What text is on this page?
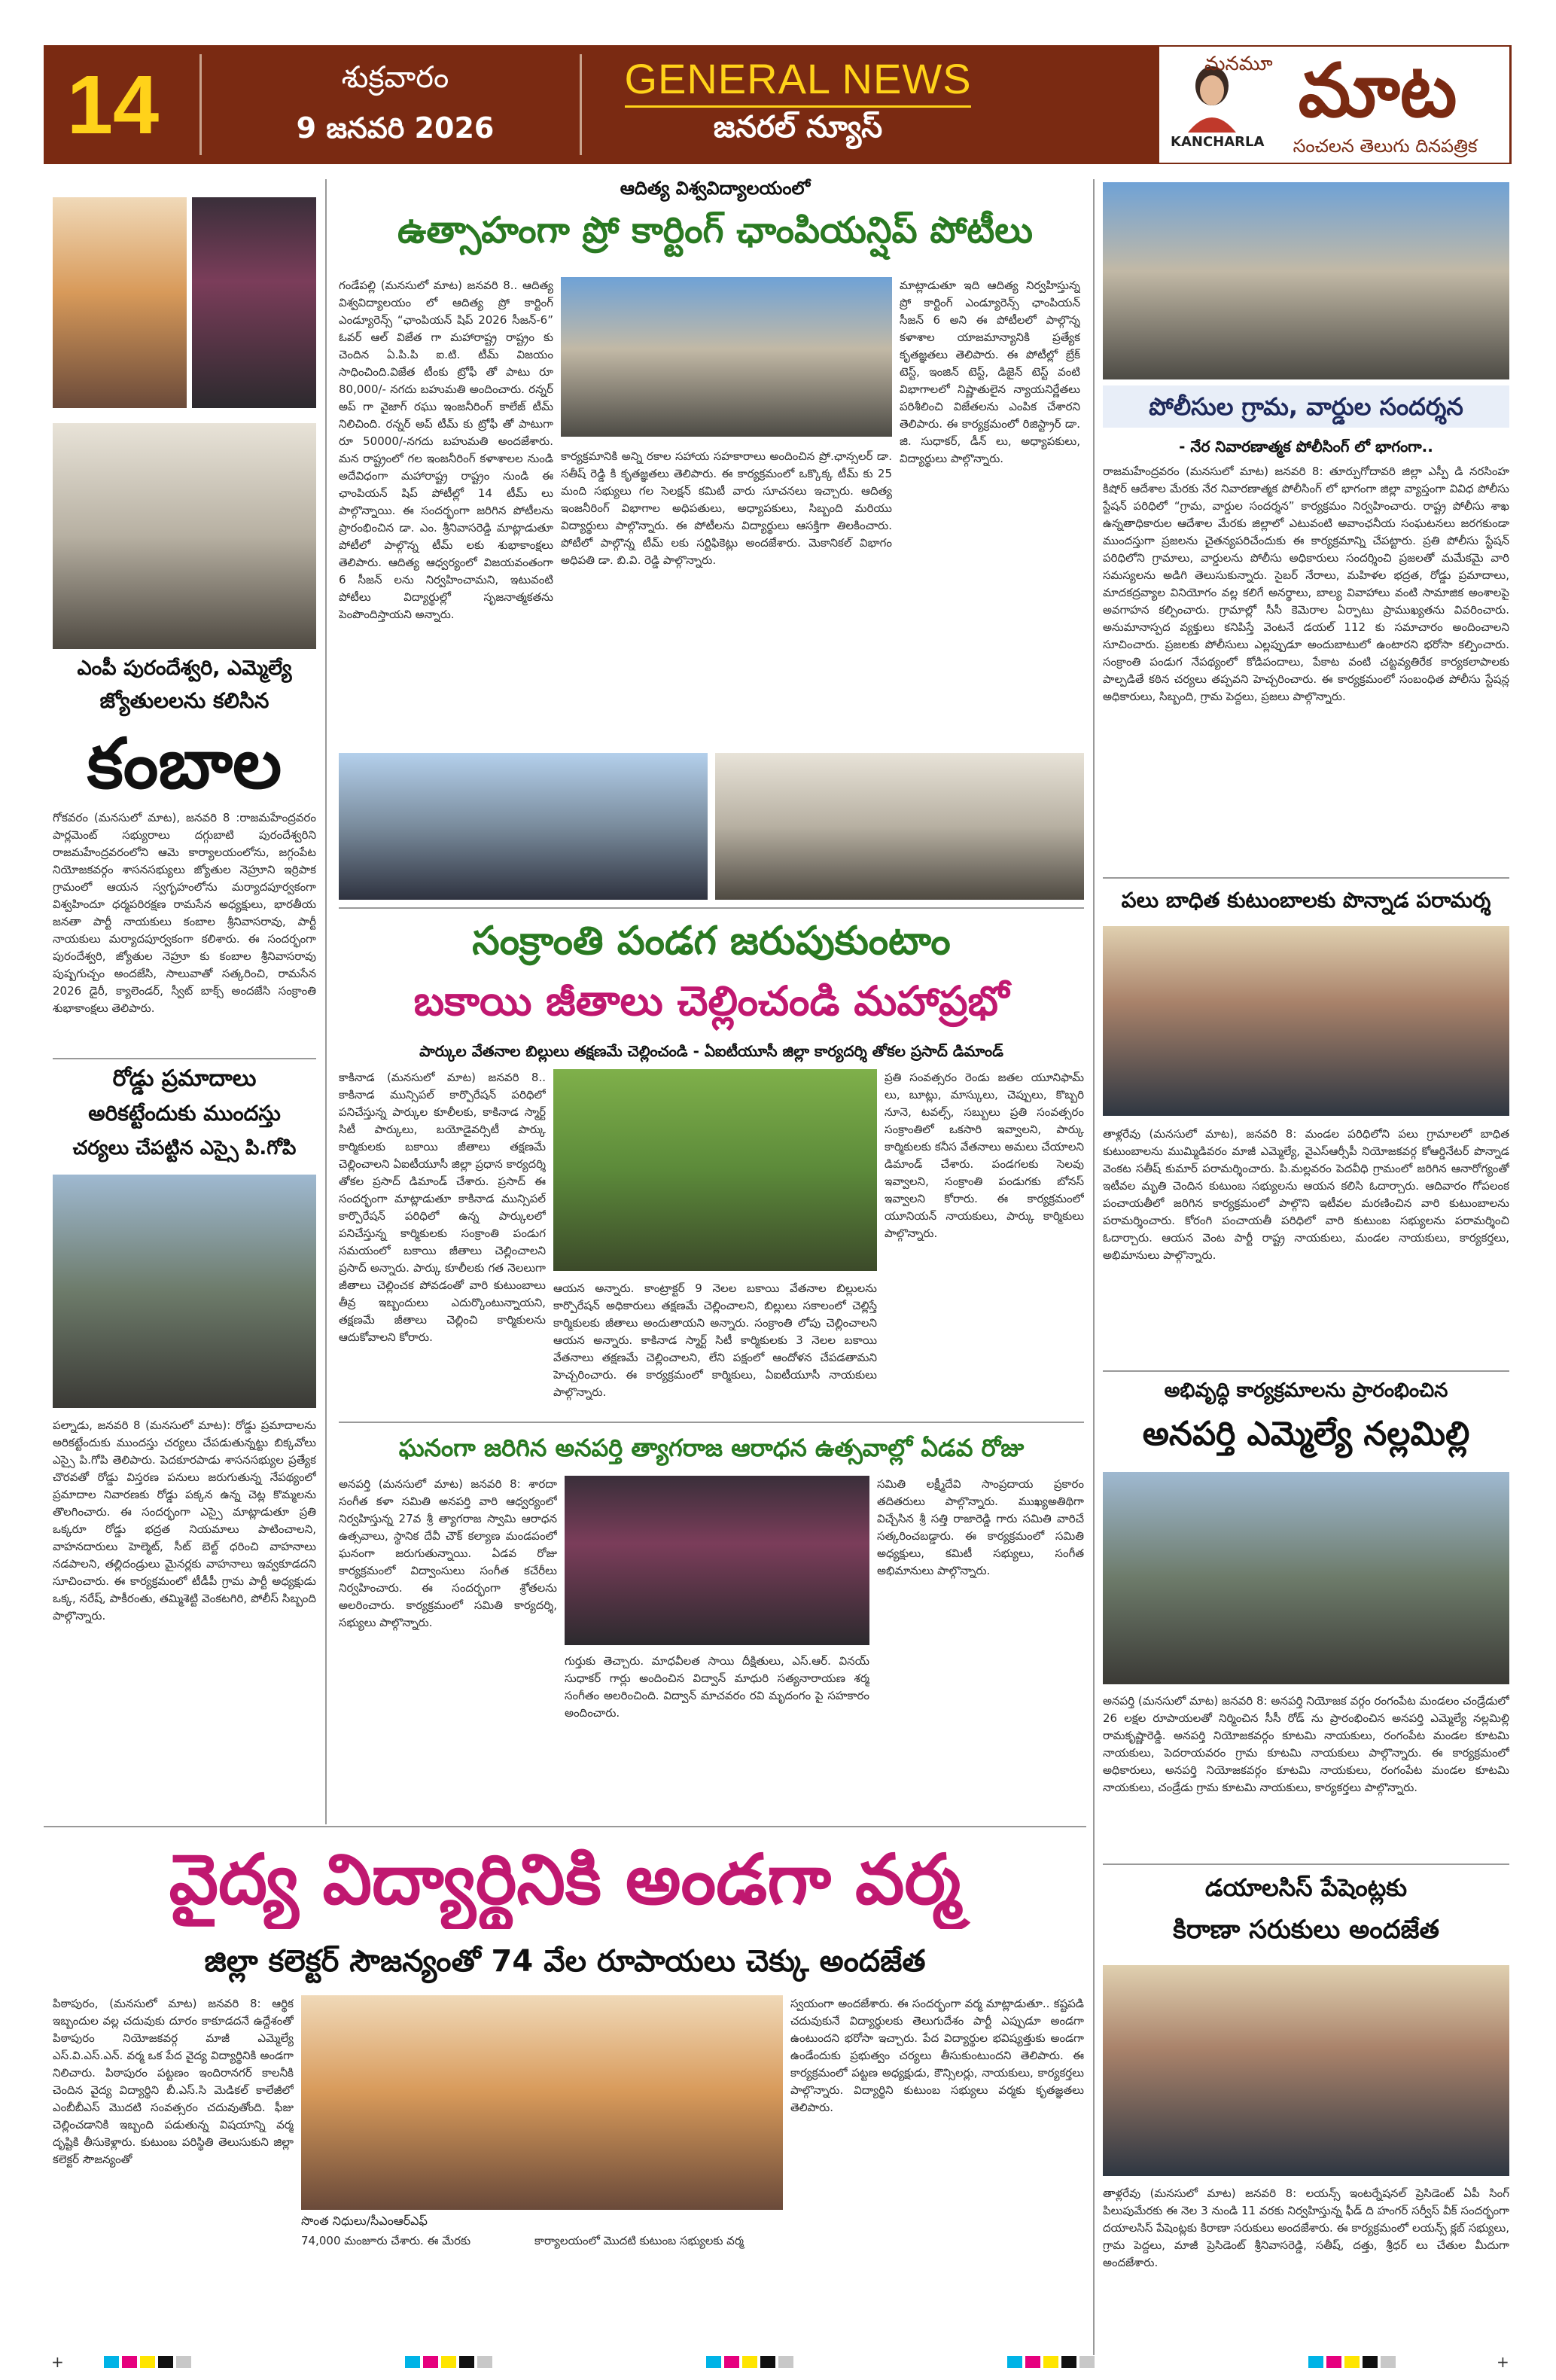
14	శుక్రవారం
9 జనవరి 2026
GENERAL NEWS
జనరల్ న్యూస్
మనమూ మాట
KANCHARLA	సంచలన తెలుగు దినపత్రిక
ఎంపీ పురందేశ్వరి, ఎమ్మెల్యే
జ్యోతులలను కలిసిన
కంబాల
గోకవరం (మనసులో మాట), జనవరి 8 :రాజమహేంద్రవరం పార్లమెంట్ సభ్యురాలు దగ్గుబాటి పురందేశ్వరిని రాజమహేంద్రవరంలోని ఆమె కార్యాలయంలోను, జగ్గంపేట నియోజకవర్గం శాసనసభ్యులు జ్యోతుల నెహ్రూని ఇర్రిపాక గ్రామంలో ఆయన స్వగృహంలోను మర్యాదపూర్వకంగా విశ్వహిందూ ధర్మపరిరక్షణ రామసేన అధ్యక్షులు, భారతీయ జనతా పార్టీ నాయకులు కంబాల శ్రీనివాసరావు, పార్టీ నాయకులు మర్యాదపూర్వకంగా కలిశారు. ఈ సందర్భంగా పురందేశ్వరి, జ్యోతుల నెహ్రూ కు కంబాల శ్రీనివాసరావు పుష్పగుచ్చం అందజేసి, సాలువాతో సత్కరించి, రామసేన 2026 డైరీ, క్యాలెండర్, స్వీట్ బాక్స్ అందజేసి సంక్రాంతి శుభాకాంక్షలు తెలిపారు.
రోడ్డు ప్రమాదాలు
అరికట్టేందుకు ముందస్తు
చర్యలు చేపట్టిన ఎస్సై పి.గోపి
పల్నాడు, జనవరి 8 (మనసులో మాట): రోడ్డు ప్రమాదాలను అరికట్టేందుకు ముందస్తు చర్యలు చేపడుతున్నట్టు బిక్కవోలు ఎస్సై పి.గోపి తెలిపారు. పెదకూరపాడు శాసనసభ్యుల ప్రత్యేక చొరవతో రోడ్డు విస్తరణ పనులు జరుగుతున్న నేపథ్యంలో ప్రమాదాల నివారణకు రోడ్డు పక్కన ఉన్న చెట్ల కొమ్మలను తొలగించారు. ఈ సందర్భంగా ఎస్సై మాట్లాడుతూ ప్రతి ఒక్కరూ రోడ్డు భద్రత నియమాలు పాటించాలని, వాహనదారులు హెల్మెట్, సీట్ బెల్ట్ ధరించి వాహనాలు నడపాలని, తల్లిదండ్రులు మైనర్లకు వాహనాలు ఇవ్వకూడదని సూచించారు. ఈ కార్యక్రమంలో టీడీపీ గ్రామ పార్టీ అధ్యక్షుడు ఒక్క, నరేష్, పాకీరంతు, తమ్మిశెట్టి వెంకటగిరి, పోలీస్ సిబ్బంది పాల్గొన్నారు.
ఆదిత్య విశ్వవిద్యాలయంలో
ఉత్సాహంగా ప్రో కార్టింగ్ ఛాంపియన్షిప్ పోటీలు
గండేపల్లి (మనసులో మాట) జనవరి 8.. ఆదిత్య విశ్వవిద్యాలయం లో ఆదిత్య ప్రో కార్టింగ్ ఎండ్యూరెన్స్ “ఛాంపియన్ షిప్ 2026 సీజన్-6” ఓవర్ ఆల్ విజేత గా మహారాష్ట్ర రాష్ట్రం కు చెందిన ఏ.పి.పి ఐ.టి. టీమ్ విజయం సాధించింది.విజేత టీంకు ట్రోఫీ తో పాటు రూ 80,000/- నగదు బహుమతి అందించారు. రన్నర్ అప్ గా వైజాగ్ రఘు ఇంజనీరింగ్ కాలేజ్ టీమ్ నిలిచింది. రన్నర్ అప్ టీమ్ కు ట్రోఫీ తో పాటుగా రూ 50000/-నగదు బహుమతి అందజేశారు. మన రాష్ట్రంలో గల ఇంజనీరింగ్ కళాశాలల నుండి అదేవిధంగా మహారాష్ట్ర రాష్ట్రం నుండి ఈ ఛాంపియన్ షిప్ పోటీల్లో 14 టీమ్ లు పాల్గొన్నాయి. ఈ సందర్భంగా జరిగిన పోటీలను ప్రారంభించిన డా. ఎం. శ్రీనివాసరెడ్డి మాట్లాడుతూ పోటీలో పాల్గొన్న టీమ్ లకు శుభాకాంక్షలు తెలిపారు. ఆదిత్య ఆధ్వర్యంలో విజయవంతంగా 6 సీజన్ లను నిర్వహించామని, ఇటువంటి పోటీలు విద్యార్థుల్లో సృజనాత్మకతను పెంపొందిస్తాయని అన్నారు.
కార్యక్రమానికి అన్ని రకాల సహాయ సహకారాలు అందించిన ప్రో.ఛాన్సలర్ డా. సతీష్ రెడ్డి కి కృతజ్ఞతలు తెలిపారు. ఈ కార్యక్రమంలో ఒక్కొక్క టీమ్ కు 25 మంది సభ్యులు గల సెలక్షన్ కమిటీ వారు సూచనలు ఇచ్చారు. ఆదిత్య ఇంజనీరింగ్ విభాగాల అధిపతులు, అధ్యాపకులు, సిబ్బంది మరియు విద్యార్థులు పాల్గొన్నారు. ఈ పోటీలను విద్యార్థులు ఆసక్తిగా తిలకించారు. పోటీలో పాల్గొన్న టీమ్ లకు సర్టిఫికెట్లు అందజేశారు. మెకానికల్ విభాగం అధిపతి డా. బి.వి. రెడ్డి పాల్గొన్నారు.
మాట్లాడుతూ ఇది ఆదిత్య నిర్వహిస్తున్న ప్రో కార్టింగ్ ఎండ్యూరెన్స్ ఛాంపియన్ సీజన్ 6 అని ఈ పోటీలలో పాల్గొన్న కళాశాల యాజమాన్యానికి ప్రత్యేక కృతజ్ఞతలు తెలిపారు. ఈ పోటీల్లో బ్రేక్ టెస్ట్, ఇంజిన్ టెస్ట్, డిజైన్ టెస్ట్ వంటి విభాగాలలో నిష్ణాతులైన న్యాయనిర్ణేతలు పరిశీలించి విజేతలను ఎంపిక చేశారని తెలిపారు. ఈ కార్యక్రమంలో రిజిస్ట్రార్ డా. జి. సుధాకర్, డీన్ లు, అధ్యాపకులు, విద్యార్థులు పాల్గొన్నారు.
సంక్రాంతి పండగ జరుపుకుంటాం
బకాయి జీతాలు చెల్లించండి మహాప్రభో
పార్కుల వేతనాల బిల్లులు తక్షణమే చెల్లించండి - ఏఐటీయూసీ జిల్లా కార్యదర్శి తోకల ప్రసాద్ డిమాండ్
కాకినాడ (మనసులో మాట) జనవరి 8.. కాకినాడ మున్సిపల్ కార్పొరేషన్ పరిధిలో పనిచేస్తున్న పార్కుల కూలీలకు, కాకినాడ స్మార్ట్ సిటీ పార్కులు, బయోడైవర్సిటీ పార్కు కార్మికులకు బకాయి జీతాలు తక్షణమే చెల్లించాలని ఏఐటీయూసీ జిల్లా ప్రధాన కార్యదర్శి తోకల ప్రసాద్ డిమాండ్ చేశారు. ప్రసాద్ ఈ సందర్భంగా మాట్లాడుతూ కాకినాడ మున్సిపల్ కార్పొరేషన్ పరిధిలో ఉన్న పార్కులలో పనిచేస్తున్న కార్మికులకు సంక్రాంతి పండుగ సమయంలో బకాయి జీతాలు చెల్లించాలని ప్రసాద్ అన్నారు. పార్కు కూలీలకు గత నెలలుగా జీతాలు చెల్లించక పోవడంతో వారి కుటుంబాలు తీవ్ర ఇబ్బందులు ఎదుర్కొంటున్నాయని, తక్షణమే జీతాలు చెల్లించి కార్మికులను ఆదుకోవాలని కోరారు.
ఆయన అన్నారు. కాంట్రాక్టర్ 9 నెలల బకాయి వేతనాల బిల్లులను కార్పొరేషన్ అధికారులు తక్షణమే చెల్లించాలని, బిల్లులు సకాలంలో చెల్లిస్తే కార్మికులకు జీతాలు అందుతాయని అన్నారు. సంక్రాంతి లోపు చెల్లించాలని ఆయన అన్నారు. కాకినాడ స్మార్ట్ సిటీ కార్మికులకు 3 నెలల బకాయి వేతనాలు తక్షణమే చెల్లించాలని, లేని పక్షంలో ఆందోళన చేపడతామని హెచ్చరించారు. ఈ కార్యక్రమంలో కార్మికులు, ఏఐటీయూసీ నాయకులు పాల్గొన్నారు.
ప్రతి సంవత్సరం రెండు జతల యూనిఫామ్ లు, బూట్లు, మాస్కులు, చెప్పులు, కొబ్బరి నూనె, టవల్స్, సబ్బులు ప్రతి సంవత్సరం సంక్రాంతిలో ఒకసారి ఇవ్వాలని, పార్కు కార్మికులకు కనీస వేతనాలు అమలు చేయాలని డిమాండ్ చేశారు. పండగలకు సెలవు ఇవ్వాలని, సంక్రాంతి పండుగకు బోనస్ ఇవ్వాలని కోరారు. ఈ కార్యక్రమంలో యూనియన్ నాయకులు, పార్కు కార్మికులు పాల్గొన్నారు.
ఘనంగా జరిగిన అనపర్తి త్యాగరాజ ఆరాధన ఉత్సవాల్లో ఏడవ రోజు
అనపర్తి (మనసులో మాట) జనవరి 8: శారదా సంగీత కళా సమితి అనపర్తి వారి ఆధ్వర్యంలో నిర్వహిస్తున్న 27వ శ్రీ త్యాగరాజ స్వామి ఆరాధన ఉత్సవాలు, స్థానిక దేవీ చౌక్ కల్యాణ మండపంలో ఘనంగా జరుగుతున్నాయి. ఏడవ రోజు కార్యక్రమంలో విద్వాంసులు సంగీత కచేరీలు నిర్వహించారు. ఈ సందర్భంగా శ్రోతలను అలరించారు. కార్యక్రమంలో సమితి కార్యదర్శి, సభ్యులు పాల్గొన్నారు.
గుర్తుకు తెచ్చారు. మాధవీలత సాయి దీక్షితులు, ఎస్.ఆర్. వినయ్ సుధాకర్ గార్లు అందించిన విద్వాన్ మాధురి సత్యనారాయణ శర్మ సంగీతం అలరించింది. విద్వాన్ మాచవరం రవి మృదంగం పై సహకారం అందించారు.
సమితి లక్ష్మీదేవి సాంప్రదాయ ప్రకారం తదితరులు పాల్గొన్నారు. ముఖ్యఅతిథిగా విచ్చేసిన శ్రీ సత్తి రాజారెడ్డి గారు సమితి వారిచే సత్కరించబడ్డారు. ఈ కార్యక్రమంలో సమితి అధ్యక్షులు, కమిటీ సభ్యులు, సంగీత అభిమానులు పాల్గొన్నారు.
పోలీసుల గ్రామ, వార్డుల సందర్శన
- నేర నివారణాత్మక పోలీసింగ్ లో భాగంగా..
రాజమహేంద్రవరం (మనసులో మాట) జనవరి 8: తూర్పుగోదావరి జిల్లా ఎస్పీ డి నరసింహ కిషోర్ ఆదేశాల మేరకు నేర నివారణాత్మక పోలీసింగ్ లో భాగంగా జిల్లా వ్యాప్తంగా వివిధ పోలీసు స్టేషన్ పరిధిలో “గ్రామ, వార్డుల సందర్శన” కార్యక్రమం నిర్వహించారు. రాష్ట్ర పోలీసు శాఖ ఉన్నతాధికారుల ఆదేశాల మేరకు జిల్లాలో ఎటువంటి అవాంఛనీయ సంఘటనలు జరగకుండా ముందస్తుగా ప్రజలను చైతన్యపరిచేందుకు ఈ కార్యక్రమాన్ని చేపట్టారు. ప్రతి పోలీసు స్టేషన్ పరిధిలోని గ్రామాలు, వార్డులను పోలీసు అధికారులు సందర్శించి ప్రజలతో మమేకమై వారి సమస్యలను అడిగి తెలుసుకున్నారు. సైబర్ నేరాలు, మహిళల భద్రత, రోడ్డు ప్రమాదాలు, మాదకద్రవ్యాల వినియోగం వల్ల కలిగే అనర్థాలు, బాల్య వివాహాలు వంటి సామాజిక అంశాలపై అవగాహన కల్పించారు. గ్రామాల్లో సీసీ కెమెరాల ఏర్పాటు ప్రాముఖ్యతను వివరించారు. అనుమానాస్పద వ్యక్తులు కనిపిస్తే వెంటనే డయల్ 112 కు సమాచారం అందించాలని సూచించారు. ప్రజలకు పోలీసులు ఎల్లప్పుడూ అందుబాటులో ఉంటారని భరోసా కల్పించారు. సంక్రాంతి పండుగ నేపథ్యంలో కోడిపందాలు, పేకాట వంటి చట్టవ్యతిరేక కార్యకలాపాలకు పాల్పడితే కఠిన చర్యలు తప్పవని హెచ్చరించారు. ఈ కార్యక్రమంలో సంబంధిత పోలీసు స్టేషన్ల అధికారులు, సిబ్బంది, గ్రామ పెద్దలు, ప్రజలు పాల్గొన్నారు.
పలు బాధిత కుటుంబాలకు పొన్నాడ పరామర్శ
తాళ్లరేవు (మనసులో మాట), జనవరి 8: మండల పరిధిలోని పలు గ్రామాలలో బాధిత కుటుంబాలను ముమ్మిడివరం మాజీ ఎమ్మెల్యే, వైఎస్ఆర్సీపీ నియోజకవర్గ కోఆర్డినేటర్ పొన్నాడ వెంకట సతీష్ కుమార్ పరామర్శించారు. పి.మల్లవరం పెదవీధి గ్రామంలో జరిగిన ఆనారోగ్యంతో ఇటీవల మృతి చెందిన కుటుంబ సభ్యులను ఆయన కలిసి ఓదార్చారు. ఆదివారం గోపలంక పంచాయతీలో జరిగిన కార్యక్రమంలో పాల్గొని ఇటీవల మరణించిన వారి కుటుంబాలను పరామర్శించారు. కోరంగి పంచాయతీ పరిధిలో వారి కుటుంబ సభ్యులను పరామర్శించి ఓదార్చారు. ఆయన వెంట పార్టీ రాష్ట్ర నాయకులు, మండల నాయకులు, కార్యకర్తలు, అభిమానులు పాల్గొన్నారు.
అభివృద్ధి కార్యక్రమాలను ప్రారంభించిన
అనపర్తి ఎమ్మెల్యే నల్లమిల్లి
అనపర్తి (మనసులో మాట) జనవరి 8: అనపర్తి నియోజక వర్గం రంగంపేట మండలం చండ్రేడులో 26 లక్షల రూపాయలతో నిర్మించిన సీసీ రోడ్ ను ప్రారంభించిన అనపర్తి ఎమ్మెల్యే నల్లమిల్లి రామకృష్ణారెడ్డి. అనపర్తి నియోజకవర్గం కూటమి నాయకులు, రంగంపేట మండల కూటమి నాయకులు, పెదరాయవరం గ్రామ కూటమి నాయకులు పాల్గొన్నారు. ఈ కార్యక్రమంలో అధికారులు, అనపర్తి నియోజకవర్గం కూటమి నాయకులు, రంగంపేట మండల కూటమి నాయకులు, చండ్రేడు గ్రామ కూటమి నాయకులు, కార్యకర్తలు పాల్గొన్నారు.
డయాలసిస్ పేషెంట్లకు
కిరాణా సరుకులు అందజేత
తాళ్లరేవు (మనసులో మాట) జనవరి 8: లయన్స్ ఇంటర్నేషనల్ ప్రెసిడెంట్ ఏపీ సింగ్ పిలుపుమేరకు ఈ నెల 3 నుండి 11 వరకు నిర్వహిస్తున్న ఫీడ్ ది హంగర్ సర్వీస్ వీక్ సందర్భంగా దయాలసిస్ పేషెంట్లకు కిరాణా సరుకులు అందజేశారు. ఈ కార్యక్రమంలో లయన్స్ క్లబ్ సభ్యులు, గ్రామ పెద్దలు, మాజీ ప్రెసిడెంట్ శ్రీనివాసరెడ్డి, సతీష్, దత్తు, శ్రీధర్ లు చేతుల మీదుగా అందజేశారు.
వైద్య విద్యార్థినికి అండగా వర్మ
జిల్లా కలెక్టర్ సౌజన్యంతో 74 వేల రూపాయలు చెక్కు అందజేత
పిఠాపురం, (మనసులో మాట) జనవరి 8: ఆర్థిక ఇబ్బందుల వల్ల చదువుకు దూరం కాకూడదనే ఉద్దేశంతో పిఠాపురం నియోజకవర్గ మాజీ ఎమ్మెల్యే ఎస్.వి.ఎస్.ఎన్. వర్మ ఒక పేద వైద్య విద్యార్థినికి అండగా నిలిచారు. పిఠాపురం పట్టణం ఇందిరానగర్ కాలనీకి చెందిన వైద్య విద్యార్థిని బీ.ఎస్.సి మెడికల్ కాలేజీలో ఎంబీబీఎస్ మొదటి సంవత్సరం చదువుతోంది. ఫీజు చెల్లించడానికి ఇబ్బంది పడుతున్న విషయాన్ని వర్మ దృష్టికి తీసుకెళ్లారు. కుటుంబ పరిస్థితి తెలుసుకుని జిల్లా కలెక్టర్ సౌజన్యంతో
సొంత నిధులు/సీఎంఆర్ఎఫ్
74,000 మంజూరు చేశారు. ఈ మేరకు	కార్యాలయంలో మొదటి కుటుంబ సభ్యులకు వర్మ
స్వయంగా అందజేశారు. ఈ సందర్భంగా వర్మ మాట్లాడుతూ.. కష్టపడి చదువుకునే విద్యార్థులకు తెలుగుదేశం పార్టీ ఎప్పుడూ అండగా ఉంటుందని భరోసా ఇచ్చారు. పేద విద్యార్థుల భవిష్యత్తుకు అండగా ఉండేందుకు ప్రభుత్వం చర్యలు తీసుకుంటుందని తెలిపారు. ఈ కార్యక్రమంలో పట్టణ అధ్యక్షుడు, కౌన్సిలర్లు, నాయకులు, కార్యకర్తలు పాల్గొన్నారు. విద్యార్థిని కుటుంబ సభ్యులు వర్మకు కృతజ్ఞతలు తెలిపారు.
+	+
